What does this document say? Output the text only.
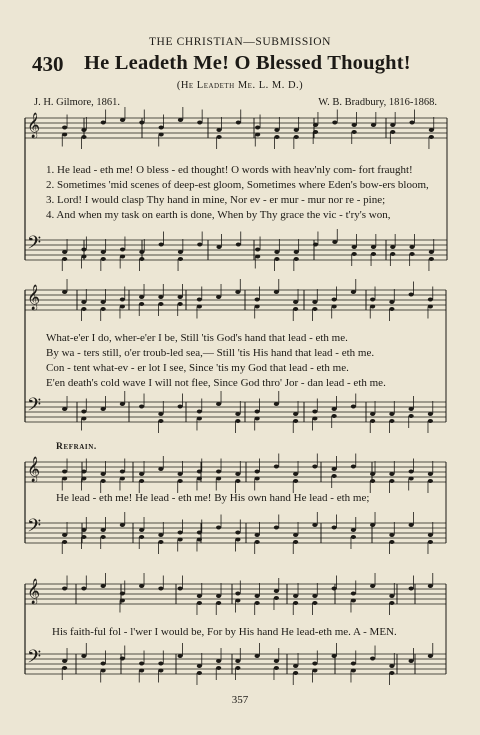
THE CHRISTIAN—SUBMISSION
430 He Leadeth Me! O Blessed Thought!
(He Leadeth Me. L. M. D.)
J. H. Gilmore, 1861.	W. B. Bradbury, 1816-1868.
𝄞
𝄢
𝄞
𝄢
𝄞
𝄢
𝄞
𝄢
1. He lead - eth me! O bless - ed thought! O words with heav'nly com- fort fraught!
2. Sometimes 'mid scenes of deep-est gloom, Sometimes where Eden's bow-ers bloom,
3. Lord! I would clasp Thy hand in mine, Nor ev - er mur - mur nor re - pine;
4. And when my task on earth is done, When by Thy grace the vic - t'ry's won,
What-e'er I do, wher-e'er I be, Still 'tis God's hand that lead - eth me.
By wa - ters still, o'er troub-led sea,— Still 'tis His hand that lead - eth me.
Con - tent what-ev - er lot I see, Since 'tis my God that lead - eth me.
E'en death's cold wave I will not flee, Since God thro' Jor - dan lead - eth me.
Refrain.
He lead - eth me! He lead - eth me! By His own hand He lead - eth me;
His faith-ful fol - l'wer I would be, For by His hand He lead-eth me. A - MEN.
357
